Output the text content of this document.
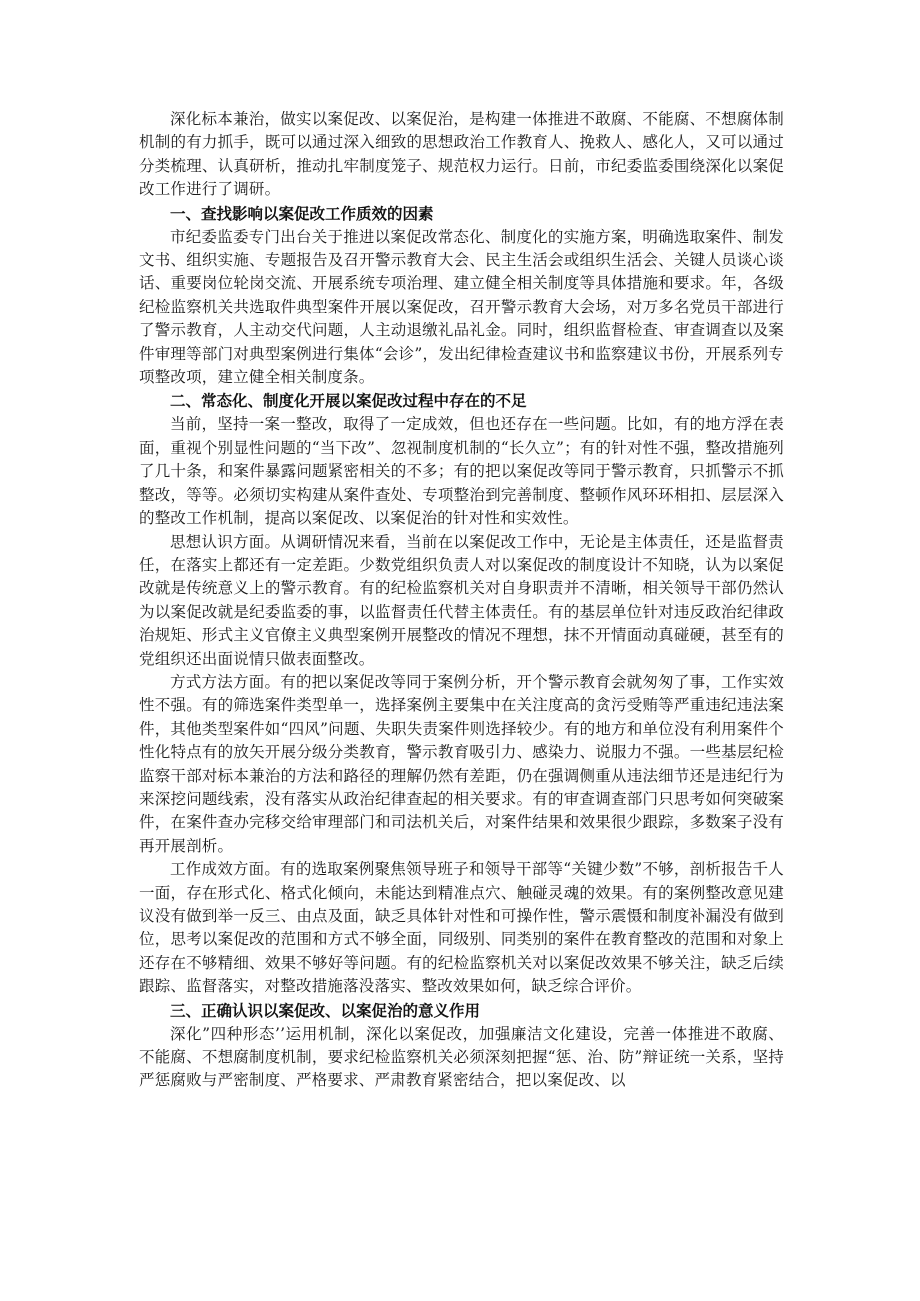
深化标本兼治，做实以案促改、以案促治，是构建一体推进不敢腐、不能腐、不想腐体制机制的有力抓手，既可以通过深入细致的思想政治工作教育人、挽救人、感化人，又可以通过分类梳理、认真研析，推动扎牢制度笼子、规范权力运行。日前，市纪委监委围绕深化以案促改工作进行了调研。

一、查找影响以案促改工作质效的因素

市纪委监委专门出台关于推进以案促改常态化、制度化的实施方案，明确选取案件、制发文书、组织实施、专题报告及召开警示教育大会、民主生活会或组织生活会、关键人员谈心谈话、重要岗位轮岗交流、开展系统专项治理、建立健全相关制度等具体措施和要求。年，各级纪检监察机关共选取件典型案件开展以案促改，召开警示教育大会场，对万多名党员干部进行了警示教育，人主动交代问题，人主动退缴礼品礼金。同时，组织监督检查、审查调查以及案件审理等部门对典型案例进行集体“会诊”，发出纪律检查建议书和监察建议书份，开展系列专项整改项，建立健全相关制度条。

二、常态化、制度化开展以案促改过程中存在的不足

当前，坚持一案一整改，取得了一定成效，但也还存在一些问题。比如，有的地方浮在表面，重视个别显性问题的“当下改”、忽视制度机制的“长久立”；有的针对性不强，整改措施列了几十条，和案件暴露问题紧密相关的不多；有的把以案促改等同于警示教育，只抓警示不抓整改，等等。必须切实构建从案件查处、专项整治到完善制度、整顿作风环环相扣、层层深入的整改工作机制，提高以案促改、以案促治的针对性和实效性。

思想认识方面。从调研情况来看，当前在以案促改工作中，无论是主体责任，还是监督责任，在落实上都还有一定差距。少数党组织负责人对以案促改的制度设计不知晓，认为以案促改就是传统意义上的警示教育。有的纪检监察机关对自身职责并不清晰，相关领导干部仍然认为以案促改就是纪委监委的事，以监督责任代替主体责任。有的基层单位针对违反政治纪律政治规矩、形式主义官僚主义典型案例开展整改的情况不理想，抹不开情面动真碰硬，甚至有的党组织还出面说情只做表面整改。

方式方法方面。有的把以案促改等同于案例分析，开个警示教育会就匆匆了事，工作实效性不强。有的筛选案件类型单一，选择案例主要集中在关注度高的贪污受贿等严重违纪违法案件，其他类型案件如“四风”问题、失职失责案件则选择较少。有的地方和单位没有利用案件个性化特点有的放矢开展分级分类教育，警示教育吸引力、感染力、说服力不强。一些基层纪检监察干部对标本兼治的方法和路径的理解仍然有差距，仍在强调侧重从违法细节还是违纪行为来深挖问题线索，没有落实从政治纪律查起的相关要求。有的审查调查部门只思考如何突破案件，在案件查办完移交给审理部门和司法机关后，对案件结果和效果很少跟踪，多数案子没有再开展剖析。

工作成效方面。有的选取案例聚焦领导班子和领导干部等“关键少数”不够，剖析报告千人一面，存在形式化、格式化倾向，未能达到精准点穴、触碰灵魂的效果。有的案例整改意见建议没有做到举一反三、由点及面，缺乏具体针对性和可操作性，警示震慑和制度补漏没有做到位，思考以案促改的范围和方式不够全面，同级别、同类别的案件在教育整改的范围和对象上还存在不够精细、效果不够好等问题。有的纪检监察机关对以案促改效果不够关注，缺乏后续跟踪、监督落实，对整改措施落没落实、整改效果如何，缺乏综合评价。

三、正确认识以案促改、以案促治的意义作用

深化”四种形态’’运用机制，深化以案促改，加强廉洁文化建设，完善一体推进不敢腐、不能腐、不想腐制度机制，要求纪检监察机关必须深刻把握“惩、治、防”辩证统一关系，坚持严惩腐败与严密制度、严格要求、严肃教育紧密结合，把以案促改、以
